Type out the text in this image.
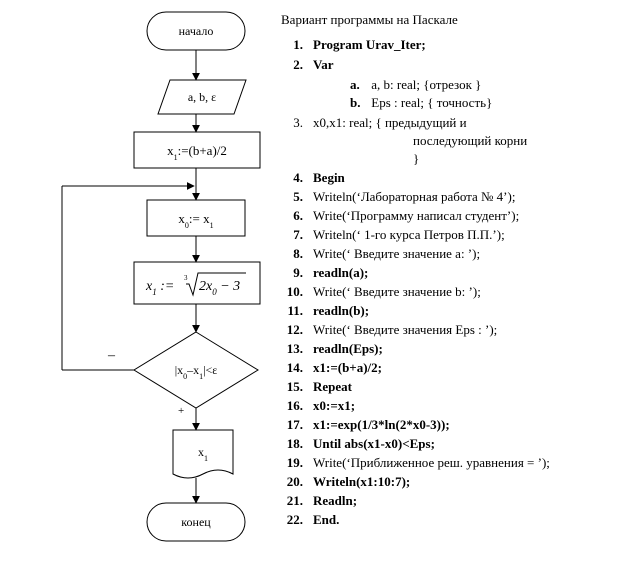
начало
a, b, ε
$x_1:=(b+a)/2$
$x_0:= x_1$
$x_1$ :=
3
$2x_0 - 3$
$|x_0-x_1|<\varepsilon$
–
+
$x_1$
конец
Вариант программы на Паскале
1. Program Urav_Iter;
2. Var
a. a, b: real; {отрезок }
b. Eps : real; { точность}
3. x0,x1: real; { предыдущий и
последующий корни
}
4. Begin
5. Writeln(‘Лабораторная работа № 4’);
6. Write(‘Программу написал студент’);
7. Writeln(‘ 1-го курса Петров П.П.’);
8. Write(‘ Введите значение a: ’);
9. readln(a);
10. Write(‘ Введите значение b: ’);
11. readln(b);
12. Write(‘ Введите значения Eps : ’);
13. readln(Eps);
14. x1:=(b+a)/2;
15. Repeat
16. x0:=x1;
17. x1:=exp(1/3*ln(2*x0-3));
18. Until abs(x1-x0)<Eps;
19. Write(‘Приближенное реш. уравнения = ’);
20. Writeln(x1:10:7);
21. Readln;
22. End.
